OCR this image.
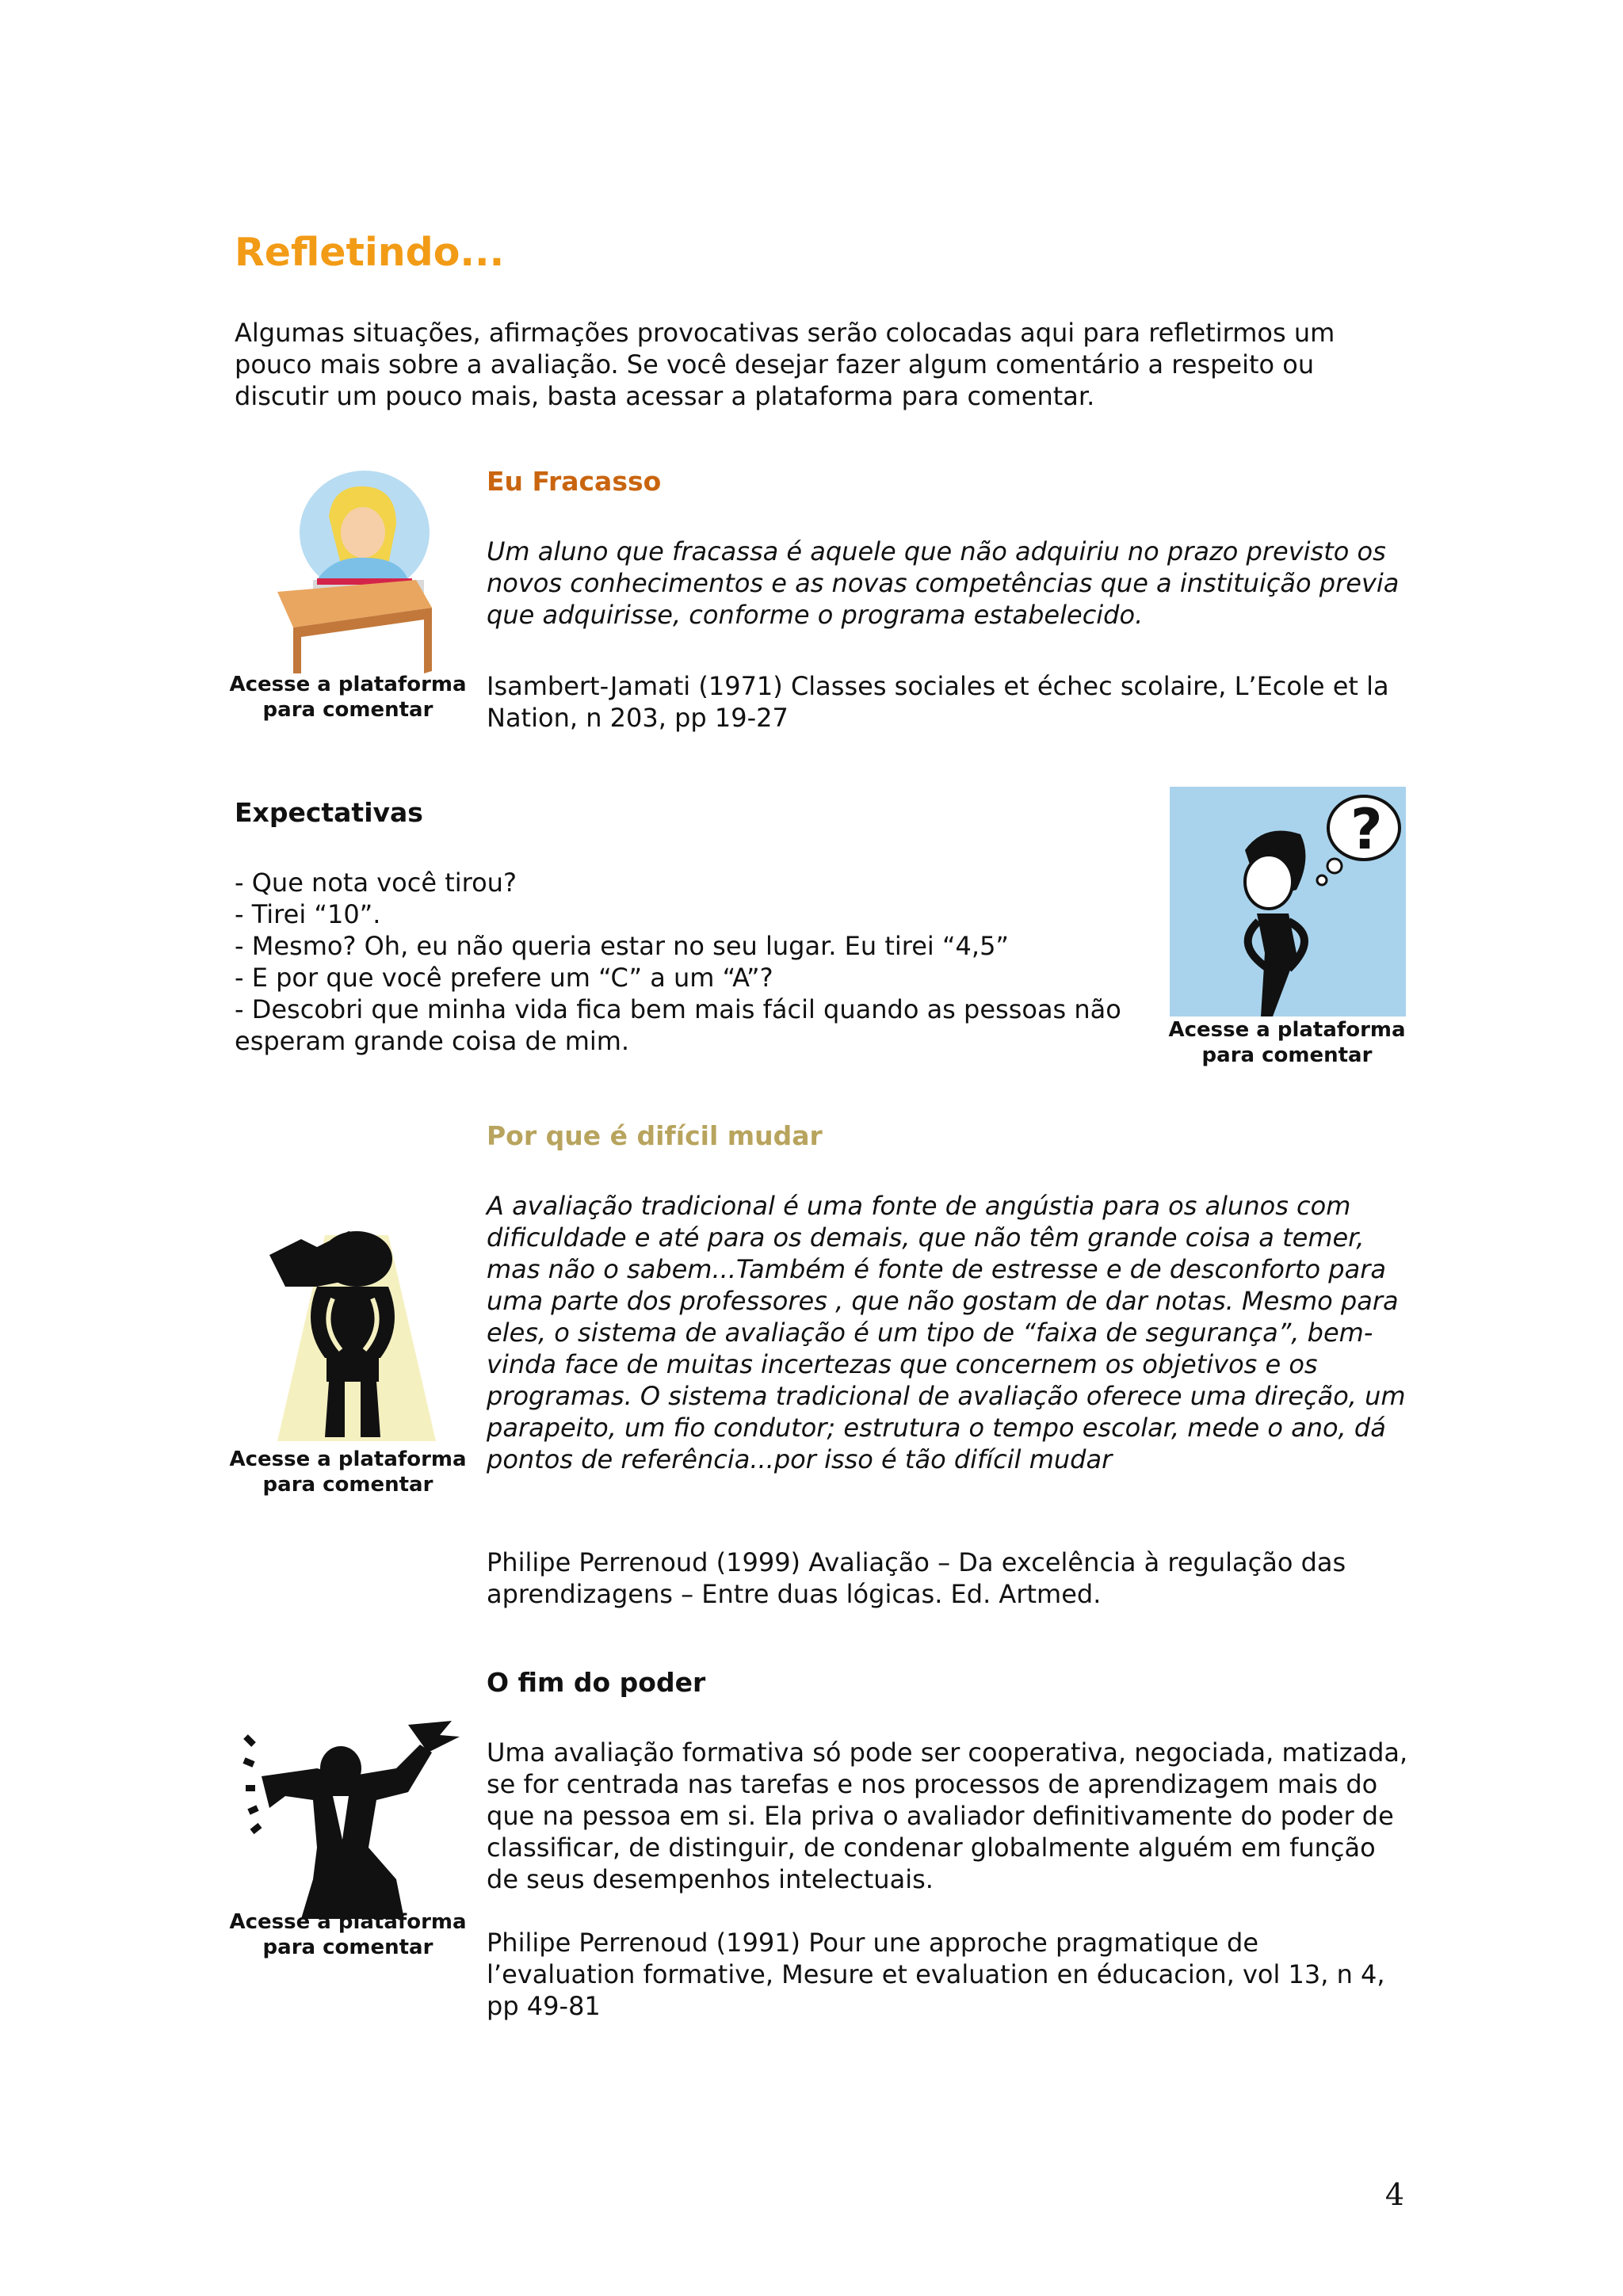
Refletindo...

Algumas situações, afirmações provocativas serão colocadas aqui para refletirmos um pouco mais sobre a avaliação. Se você desejar fazer algum comentário a respeito ou discutir um pouco mais, basta acessar a plataforma para comentar.

Acesse a plataforma
para comentar

Eu Fracasso

Um aluno que fracassa é aquele que não adquiriu no prazo previsto os novos conhecimentos e as novas competências que a instituição previa que adquirisse, conforme o programa estabelecido.

Isambert-Jamati (1971) Classes sociales et échec scolaire, L’Ecole et la Nation, n 203, pp 19-27

Expectativas

- Que nota você tirou?
- Tirei “10”.
- Mesmo? Oh, eu não queria estar no seu lugar. Eu tirei “4,5”
- E por que você prefere um “C” a um “A”?
- Descobri que minha vida fica bem mais fácil quando as pessoas não esperam grande coisa de mim.
?

Acesse a plataforma
para comentar

Por que é difícil mudar

A avaliação tradicional é uma fonte de angústia para os alunos com dificuldade e até para os demais, que não têm grande coisa a temer, mas não o sabem...Também é fonte de estresse e de desconforto para uma parte dos professores , que não gostam de dar notas. Mesmo para eles, o sistema de avaliação é um tipo de “faixa de segurança”, bem-vinda face de muitas incertezas que concernem os objetivos e os programas. O sistema tradicional de avaliação oferece uma direção, um parapeito, um fio condutor; estrutura o tempo escolar, mede o ano, dá pontos de referência...por isso é tão difícil mudar

Acesse a plataforma
para comentar

Philipe Perrenoud (1999) Avaliação – Da excelência à regulação das aprendizagens – Entre duas lógicas. Ed. Artmed.

O fim do poder

Uma avaliação formativa só pode ser cooperativa, negociada, matizada, se for centrada nas tarefas e nos processos de aprendizagem mais do que na pessoa em si. Ela priva o avaliador definitivamente do poder de classificar, de distinguir, de condenar globalmente alguém em função de seus desempenhos intelectuais.

Acesse a plataforma
para comentar	Philipe Perrenoud (1991) Pour une approche pragmatique de l’evaluation formative, Mesure et evaluation en éducacion, vol 13, n 4, pp 49-81

4
